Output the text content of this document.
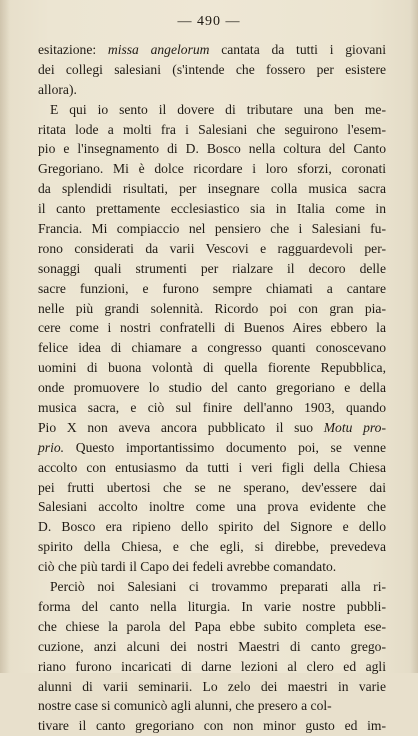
— 490 —
esitazione: missa angelorum cantata da tutti i giovani
dei collegi salesiani (s'intende che fossero per esistere
allora).
E qui io sento il dovere di tributare una ben me-
ritata lode a molti fra i Salesiani che seguirono l'esem-
pio e l'insegnamento di D. Bosco nella coltura del Canto
Gregoriano. Mi è dolce ricordare i loro sforzi, coronati
da splendidi risultati, per insegnare colla musica sacra
il canto prettamente ecclesiastico sia in Italia come in
Francia. Mi compiaccio nel pensiero che i Salesiani fu-
rono considerati da varii Vescovi e ragguardevoli per-
sonaggi quali strumenti per rialzare il decoro delle
sacre funzioni, e furono sempre chiamati a cantare
nelle più grandi solennità. Ricordo poi con gran pia-
cere come i nostri confratelli di Buenos Aires ebbero la
felice idea di chiamare a congresso quanti conoscevano
uomini di buona volontà di quella fiorente Repubblica,
onde promuovere lo studio del canto gregoriano e della
musica sacra, e ciò sul finire dell'anno 1903, quando
Pio X non aveva ancora pubblicato il suo Motu pro-
prio. Questo importantissimo documento poi, se venne
accolto con entusiasmo da tutti i veri figli della Chiesa
pei frutti ubertosi che se ne sperano, dev'essere dai
Salesiani accolto inoltre come una prova evidente che
D. Bosco era ripieno dello spirito del Signore e dello
spirito della Chiesa, e che egli, si direbbe, prevedeva
ciò che più tardi il Capo dei fedeli avrebbe comandato.
Perciò noi Salesiani ci trovammo preparati alla ri-
forma del canto nella liturgia. In varie nostre pubbli-
che chiese la parola del Papa ebbe subito completa ese-
cuzione, anzi alcuni dei nostri Maestri di canto grego-
riano furono incaricati di darne lezioni al clero ed agli
alunni di varii seminarii. Lo zelo dei maestri in varie
nostre case si comunicò agli alunni, che presero a col-
tivare il canto gregoriano con non minor gusto ed im-
